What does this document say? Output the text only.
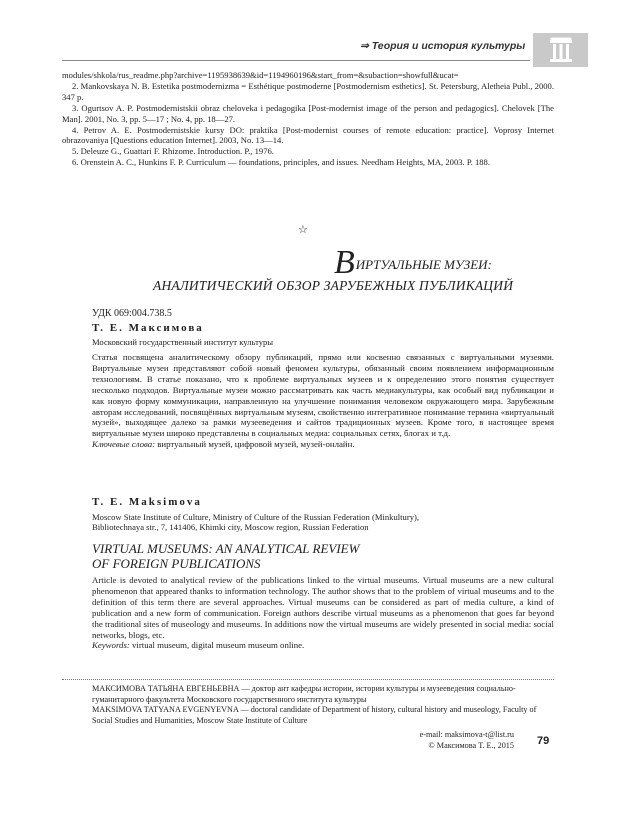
⇒ Теория и история культуры

modules/shkola/rus_readme.php?archive=1195938639&id=1194960196&start_from=&subaction=showfull&ucat=

2. Mankovskaya N. B. Estetika postmodernizma = Esthétique postmoderne [Postmodernism esthetics]. St. Petersburg, Aletheia Publ., 2000. 347 p.

3. Ogurtsov A. P. Postmodernistskii obraz cheloveka i pedagogika [Post-modernist image of the person and pedagogics]. Chelovek [The Man]. 2001, No. 3, pp. 5—17 ; No. 4, pp. 18—27.

4. Petrov A. E. Postmodernistskie kursy DO: praktika [Post-modernist courses of remote education: practice]. Voprosy Internet obrazovaniya [Questions education Internet]. 2003, No. 13—14.

5. Deleuze G., Guattari F. Rhizome. Introduction. P., 1976.

6. Orenstein A. C., Hunkins F. P. Curriculum — foundations, principles, and issues. Needham Heights, MA, 2003. P. 188.

☆
ВИРТУАЛЬНЫЕ МУЗЕИ:
АНАЛИТИЧЕСКИЙ ОБЗОР ЗАРУБЕЖНЫХ ПУБЛИКАЦИЙ
УДК 069:004.738.5
Т. Е. Максимова
Московский государственный институт культуры

Статья посвящена аналитическому обзору публикаций, прямо или косвенно связанных с виртуальными музеями. Виртуальные музеи представляют собой новый феномен культуры, обязанный своим появлением информационным технологиям. В статье показано, что к проблеме виртуальных музеев и к определению этого понятия существует несколько подходов. Виртуальные музеи можно рассматривать как часть медиакультуры, как особый вид публикации и как новую форму коммуникации, направленную на улучшение понимания человеком окружающего мира. Зарубежным авторам исследований, посвящённых виртуальным музеям, свойственно интегративное понимание термина «виртуальный музей», выходящее далеко за рамки музееведения и сайтов традиционных музеев. Кроме того, в настоящее время виртуальные музеи широко представлены в социальных медиа: социальных сетях, блогах и т.д.

Ключевые слова: виртуальный музей, цифровой музей, музей-онлайн.

T. E. Maksimova
Moscow State Institute of Culture, Ministry of Culture of the Russian Federation (Minkultury),
Bibliotechnaya str., 7, 141406, Khimki city, Moscow region, Russian Federation
VIRTUAL MUSEUMS: AN ANALYTICAL REVIEW
OF FOREIGN PUBLICATIONS

Article is devoted to analytical review of the publications linked to the virtual museums. Virtual museums are a new cultural phenomenon that appeared thanks to information technology. The author shows that to the problem of virtual museums and to the definition of this term there are several approaches. Virtual museums can be considered as part of media culture, a kind of publication and a new form of communication. Foreign authors describe virtual museums as a phenomenon that goes far beyond the traditional sites of museology and museums. In additions now the virtual museums are widely presented in social media: social networks, blogs, etc.

Keywords: virtual museum, digital museum museum online.

МАКСИМОВА ТАТЬЯНА ЕВГЕНЬЕВНА — доктор ант кафедры истории, истории культуры и музееведения социально-гуманитарного факультета Московского государственного института культуры

MAKSIMOVA TATYANA EVGENYEVNA — doctoral candidate of Department of history, cultural history and museology, Faculty of Social Studies and Humanities, Moscow State Institute of Culture

e-mail: maksimova-t@list.ru
© Максимова Т. Е., 2015 79
